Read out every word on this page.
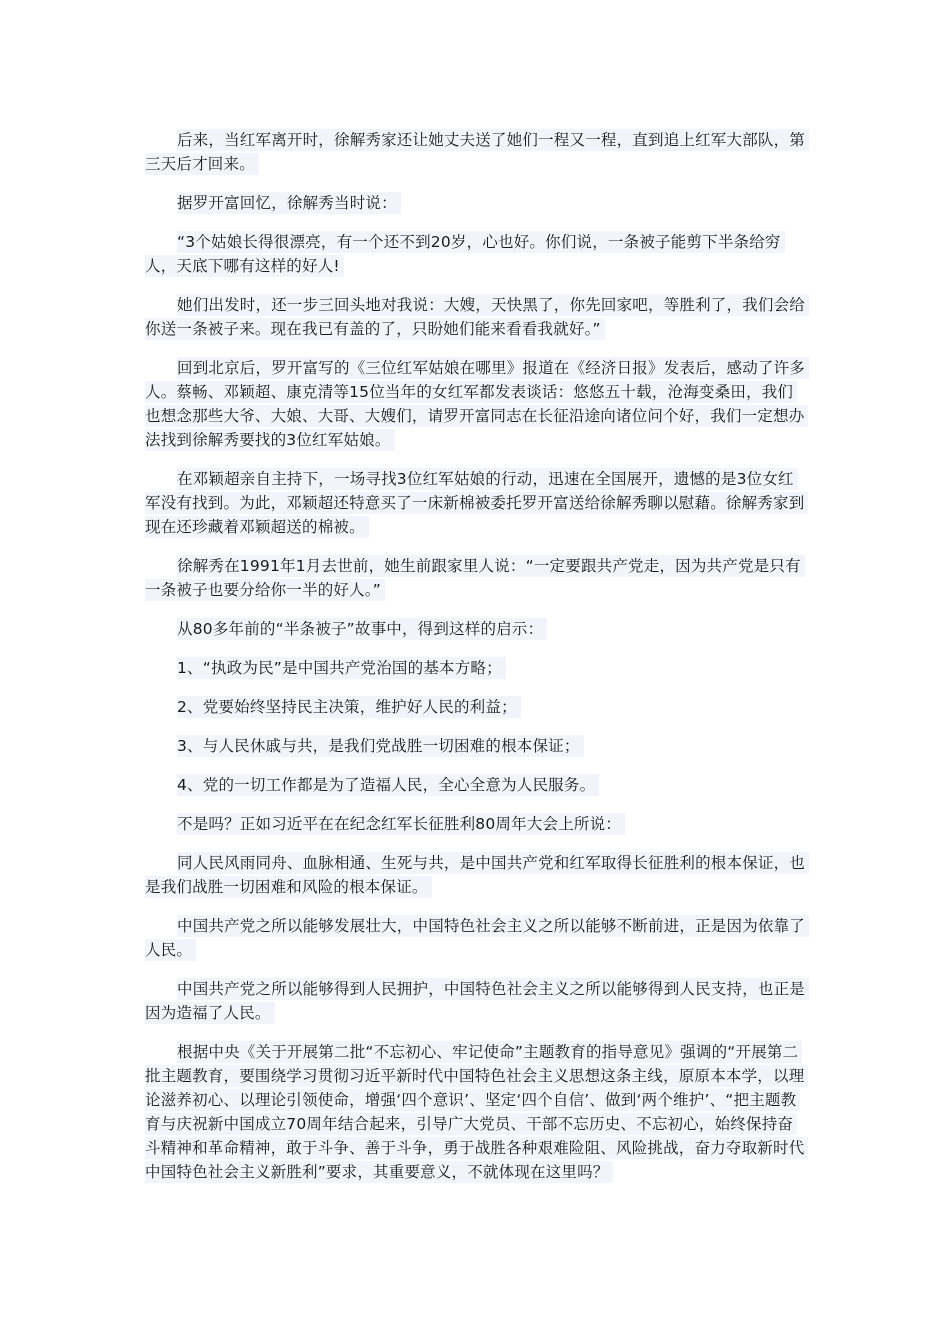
后来，当红军离开时，徐解秀家还让她丈夫送了她们一程又一程，直到追上红军大部队，第三天后才回来。

据罗开富回忆，徐解秀当时说：

“3个姑娘长得很漂亮，有一个还不到20岁，心也好。你们说，一条被子能剪下半条给穷人，天底下哪有这样的好人!

她们出发时，还一步三回头地对我说：大嫂，天快黑了，你先回家吧，等胜利了，我们会给你送一条被子来。现在我已有盖的了，只盼她们能来看看我就好。”

回到北京后，罗开富写的《三位红军姑娘在哪里》报道在《经济日报》发表后，感动了许多人。蔡畅、邓颖超、康克清等15位当年的女红军都发表谈话：悠悠五十载，沧海变桑田，我们也想念那些大爷、大娘、大哥、大嫂们，请罗开富同志在长征沿途向诸位问个好，我们一定想办法找到徐解秀要找的3位红军姑娘。

在邓颖超亲自主持下，一场寻找3位红军姑娘的行动，迅速在全国展开，遗憾的是3位女红军没有找到。为此，邓颖超还特意买了一床新棉被委托罗开富送给徐解秀聊以慰藉。徐解秀家到现在还珍藏着邓颖超送的棉被。

徐解秀在1991年1月去世前，她生前跟家里人说：“一定要跟共产党走，因为共产党是只有一条被子也要分给你一半的好人。”

从80多年前的“半条被子”故事中，得到这样的启示：

1、“执政为民”是中国共产党治国的基本方略；

2、党要始终坚持民主决策，维护好人民的利益；

3、与人民休戚与共，是我们党战胜一切困难的根本保证；

4、党的一切工作都是为了造福人民，全心全意为人民服务。

不是吗？正如习近平在在纪念红军长征胜利80周年大会上所说：

同人民风雨同舟、血脉相通、生死与共，是中国共产党和红军取得长征胜利的根本保证，也是我们战胜一切困难和风险的根本保证。

中国共产党之所以能够发展壮大，中国特色社会主义之所以能够不断前进，正是因为依靠了人民。

中国共产党之所以能够得到人民拥护，中国特色社会主义之所以能够得到人民支持，也正是因为造福了人民。

根据中央《关于开展第二批“不忘初心、牢记使命”主题教育的指导意见》强调的“开展第二批主题教育，要围绕学习贯彻习近平新时代中国特色社会主义思想这条主线，原原本本学，以理论滋养初心、以理论引领使命，增强‘四个意识’、坚定‘四个自信’、做到‘两个维护’、“把主题教育与庆祝新中国成立70周年结合起来，引导广大党员、干部不忘历史、不忘初心，始终保持奋斗精神和革命精神，敢于斗争、善于斗争，勇于战胜各种艰难险阻、风险挑战，奋力夺取新时代中国特色社会主义新胜利”要求，其重要意义，不就体现在这里吗？
